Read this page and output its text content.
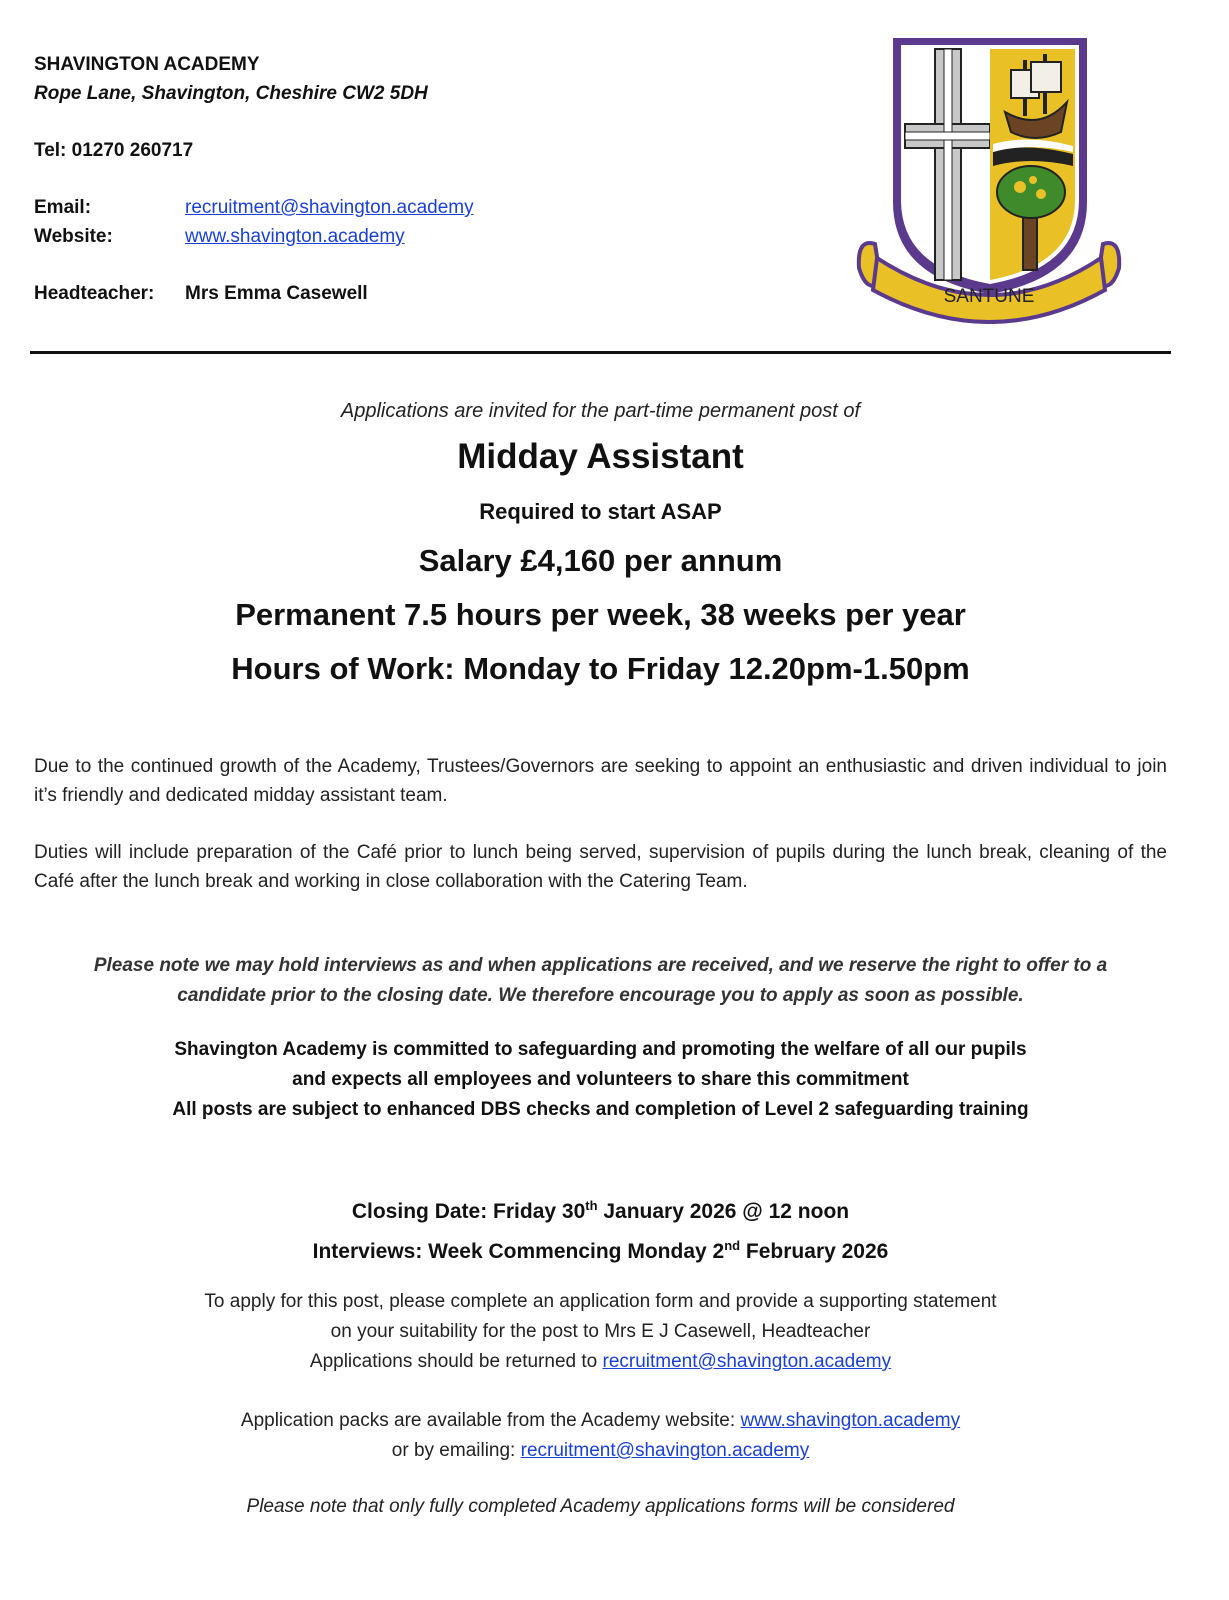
SHAVINGTON ACADEMY
Rope Lane, Shavington, Cheshire CW2 5DH
Tel: 01270 260717
Email:	recruitment@shavington.academy
Website:	www.shavington.academy
Headteacher:	Mrs Emma Casewell	SANTUNE
Applications are invited for the part-time permanent post of
Midday Assistant
Required to start ASAP
Salary £4,160 per annum
Permanent 7.5 hours per week, 38 weeks per year
Hours of Work: Monday to Friday 12.20pm-1.50pm
Due to the continued growth of the Academy, Trustees/Governors are seeking to appoint an enthusiastic and driven individual to join it’s friendly and dedicated midday assistant team.
Duties will include preparation of the Café prior to lunch being served, supervision of pupils during the lunch break, cleaning of the Café after the lunch break and working in close collaboration with the Catering Team.
Please note we may hold interviews as and when applications are received, and we reserve the right to offer to a
candidate prior to the closing date. We therefore encourage you to apply as soon as possible.
Shavington Academy is committed to safeguarding and promoting the welfare of all our pupils
and expects all employees and volunteers to share this commitment
All posts are subject to enhanced DBS checks and completion of Level 2 safeguarding training
Closing Date: Friday 30th January 2026 @ 12 noon
Interviews: Week Commencing Monday 2nd February 2026
To apply for this post, please complete an application form and provide a supporting statement
on your suitability for the post to Mrs E J Casewell, Headteacher
Applications should be returned to recruitment@shavington.academy
Application packs are available from the Academy website: www.shavington.academy
or by emailing: recruitment@shavington.academy
Please note that only fully completed Academy applications forms will be considered
